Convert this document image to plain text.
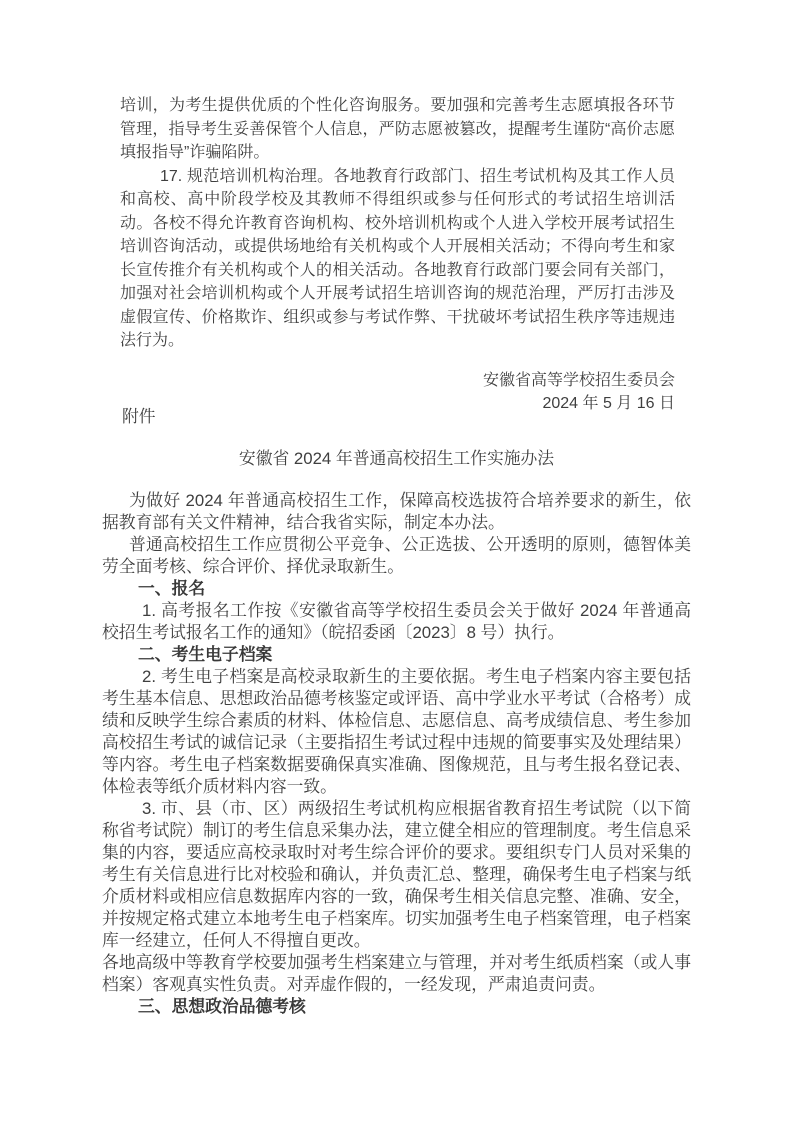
培训，为考生提供优质的个性化咨询服务。要加强和完善考生志愿填报各环节管理，指导考生妥善保管个人信息，严防志愿被篡改，提醒考生谨防“高价志愿填报指导”诈骗陷阱。

17. 规范培训机构治理。各地教育行政部门、招生考试机构及其工作人员和高校、高中阶段学校及其教师不得组织或参与任何形式的考试招生培训活动。各校不得允许教育咨询机构、校外培训机构或个人进入学校开展考试招生培训咨询活动，或提供场地给有关机构或个人开展相关活动；不得向考生和家长宣传推介有关机构或个人的相关活动。各地教育行政部门要会同有关部门，加强对社会培训机构或个人开展考试招生培训咨询的规范治理，严厉打击涉及虚假宣传、价格欺诈、组织或参与考试作弊、干扰破坏考试招生秩序等违规违法行为。

安徽省高等学校招生委员会

2024 年 5 月 16 日

附件

安徽省 2024 年普通高校招生工作实施办法

为做好 2024 年普通高校招生工作，保障高校选拔符合培养要求的新生，依据教育部有关文件精神，结合我省实际，制定本办法。

普通高校招生工作应贯彻公平竞争、公正选拔、公开透明的原则，德智体美劳全面考核、综合评价、择优录取新生。

一、报名

1. 高考报名工作按《安徽省高等学校招生委员会关于做好 2024 年普通高校招生考试报名工作的通知》（皖招委函〔2023〕8 号）执行。

二、考生电子档案

2. 考生电子档案是高校录取新生的主要依据。考生电子档案内容主要包括考生基本信息、思想政治品德考核鉴定或评语、高中学业水平考试（合格考）成绩和反映学生综合素质的材料、体检信息、志愿信息、高考成绩信息、考生参加高校招生考试的诚信记录（主要指招生考试过程中违规的简要事实及处理结果）等内容。考生电子档案数据要确保真实准确、图像规范，且与考生报名登记表、体检表等纸介质材料内容一致。

3. 市、县（市、区）两级招生考试机构应根据省教育招生考试院（以下简称省考试院）制订的考生信息采集办法，建立健全相应的管理制度。考生信息采集的内容，要适应高校录取时对考生综合评价的要求。要组织专门人员对采集的考生有关信息进行比对校验和确认，并负责汇总、整理，确保考生电子档案与纸介质材料或相应信息数据库内容的一致，确保考生相关信息完整、准确、安全，并按规定格式建立本地考生电子档案库。切实加强考生电子档案管理，电子档案库一经建立，任何人不得擅自更改。

各地高级中等教育学校要加强考生档案建立与管理，并对考生纸质档案（或人事档案）客观真实性负责。对弄虚作假的，一经发现，严肃追责问责。

三、思想政治品德考核
